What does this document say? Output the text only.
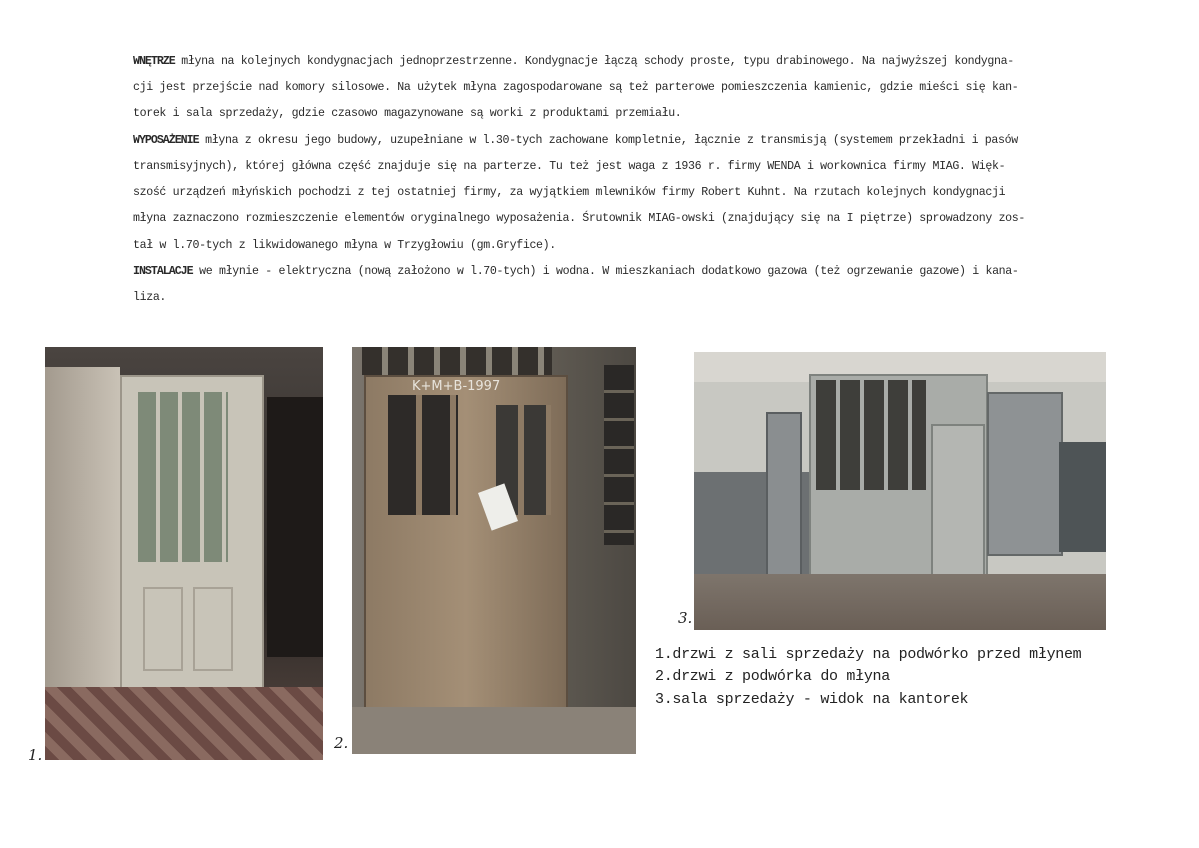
WNĘTRZE młyna na kolejnych kondygnacjach jednoprzestrzenne. Kondygnacje łączą schody proste, typu drabinowego. Na najwyższej kondygna-
cji jest przejście nad komory silosowe. Na użytek młyna zagospodarowane są też parterowe pomieszczenia kamienic, gdzie mieści się kan-
torek i sala sprzedaży, gdzie czasowo magazynowane są worki z produktami przemiału.
WYPOSAŻENIE młyna z okresu jego budowy, uzupełniane w l.30-tych zachowane kompletnie, łącznie z transmisją (systemem przekładni i pasów
transmisyjnych), której główna część znajduje się na parterze. Tu też jest waga z 1936 r. firmy WENDA i workownica firmy MIAG. Więk-
szość urządzeń młyńskich pochodzi z tej ostatniej firmy, za wyjątkiem mlewników firmy Robert Kuhnt. Na rzutach kolejnych kondygnacji
młyna zaznaczono rozmieszczenie elementów oryginalnego wyposażenia. Śrutownik MIAG-owski (znajdujący się na I piętrze) sprowadzony zos-
tał w l.70-tych z likwidowanego młyna w Trzygłowiu (gm.Gryfice).
INSTALACJE we młynie - elektryczna (nową założono w l.70-tych) i wodna. W mieszkaniach dodatkowo gazowa (też ogrzewanie gazowe) i kana-
liza.
1.
K+M+B-1997
2.
3.
1.drzwi z sali sprzedaży na podwórko przed młynem
2.drzwi z podwórka do młyna
3.sala sprzedaży - widok na kantorek
